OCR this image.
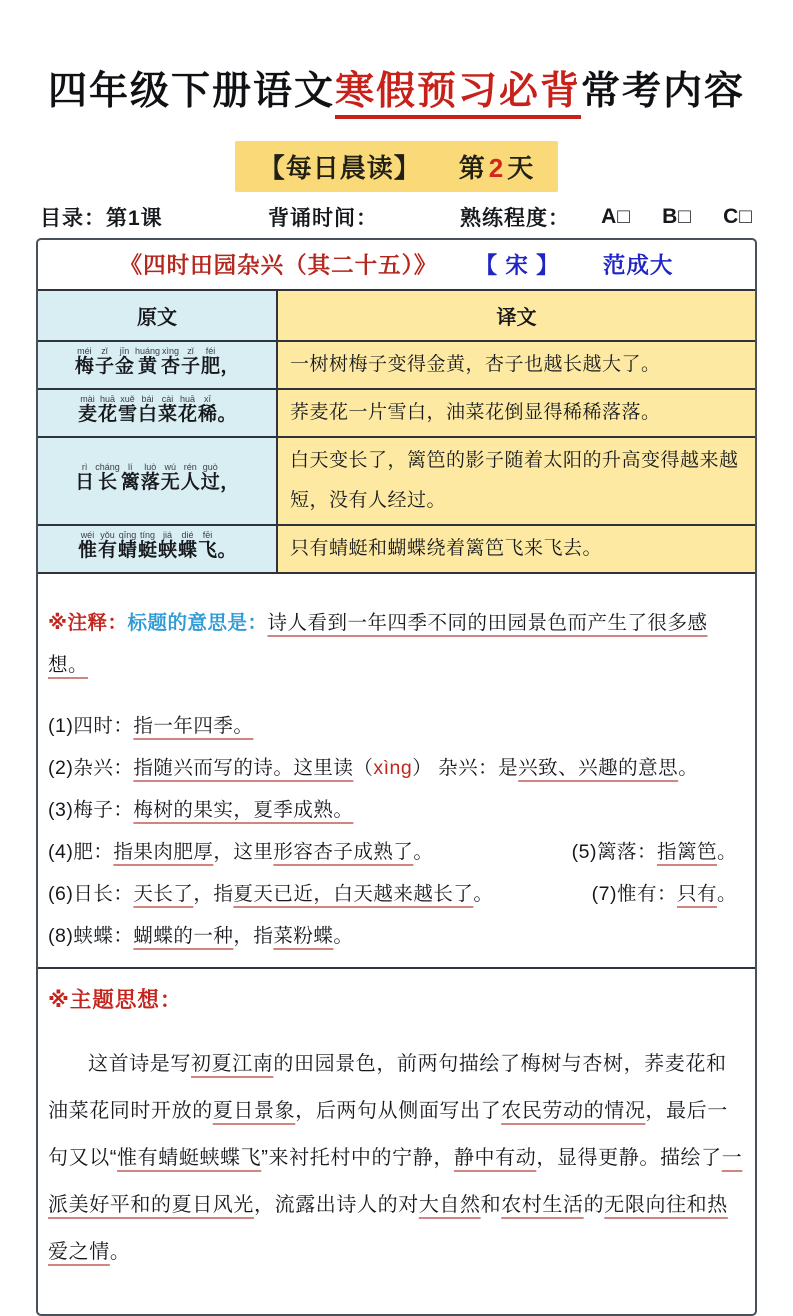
四年级下册语文寒假预习必背常考内容
【每日晨读】 第 2 天
目录：第1课	背诵时间：	熟练程度： A□ B□ C□
《四时田园杂兴（其二十五）》 【 宋 】 范成大
原文	译文
梅méi子zǐ金jīn黄huáng杏xìng子zǐ肥féi，	一树树梅子变得金黄，杏子也越长越大了。
麦mài花huā雪xuě白bái菜cài花huā稀xī。	荞麦花一片雪白，油菜花倒显得稀稀落落。
日rì长cháng篱lí落luò无wú人rén过guò，	白天变长了，篱笆的影子随着太阳的升高变得越来越短，没有人经过。
惟wéi有yǒu蜻qīng蜓tíng蛱jiá蝶dié飞fēi。	只有蜻蜓和蝴蝶绕着篱笆飞来飞去。

※注释：标题的意思是：诗人看到一年四季不同的田园景色而产生了很多感想。

(1)四时：指一年四季。
(2)杂兴：指随兴而写的诗。这里读（xìng） 杂兴：是兴致、兴趣的意思。
(3)梅子：梅树的果实，夏季成熟。
(4)肥：指果肉肥厚，这里形容杏子成熟了。	(5)篱落：指篱笆。
(6)日长：天长了，指夏天已近，白天越来越长了。	(7)惟有：只有。
(8)蛱蝶：蝴蝶的一种，指菜粉蝶。
※主题思想：

这首诗是写初夏江南的田园景色，前两句描绘了梅树与杏树，荞麦花和油菜花同时开放的夏日景象，后两句从侧面写出了农民劳动的情况，最后一句又以“惟有蜻蜓蛱蝶飞”来衬托村中的宁静，静中有动，显得更静。描绘了一派美好平和的夏日风光，流露出诗人的对大自然和农村生活的无限向往和热爱之情。
